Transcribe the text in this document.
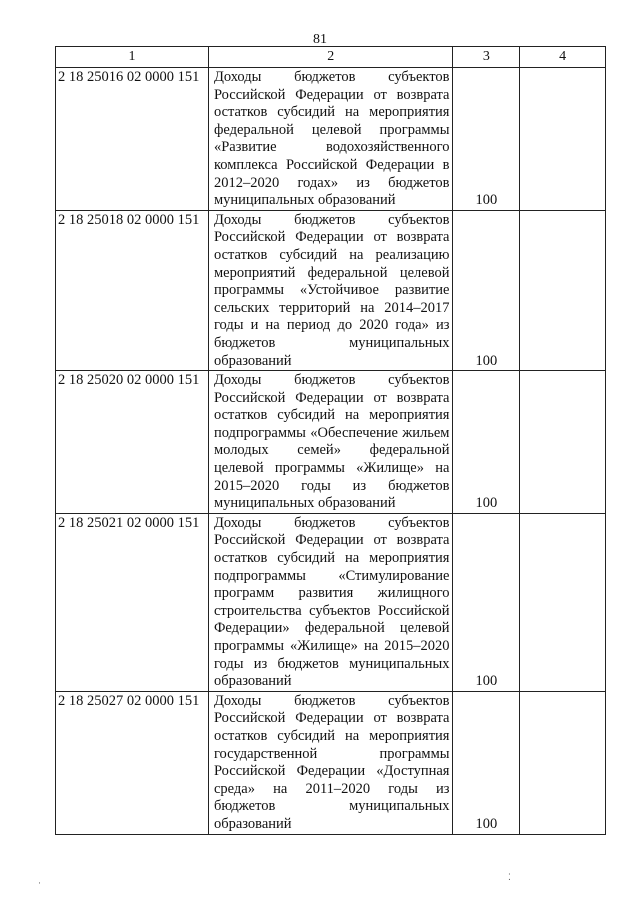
81
1	2	3	4
2 18 25016 02 0000 151	Доходы бюджетов субъектов Российской Федерации от возврата остатков субсидий на мероприятия федеральной целевой программы «Развитие водохозяйственного комплекса Российской Федерации в 2012–2020 годах» из бюджетов муниципальных образований	100	
2 18 25018 02 0000 151	Доходы бюджетов субъектов Российской Федерации от возврата остатков субсидий на реализацию мероприятий федеральной целевой программы «Устойчивое развитие сельских территорий на 2014–2017 годы и на период до 2020 года» из бюджетов муниципальных образований	100	
2 18 25020 02 0000 151	Доходы бюджетов субъектов Российской Федерации от возврата остатков субсидий на мероприятия подпрограммы «Обеспечение жильем молодых семей» федеральной целевой программы «Жилище» на 2015–2020 годы из бюджетов муниципальных образований	100	
2 18 25021 02 0000 151	Доходы бюджетов субъектов Российской Федерации от возврата остатков субсидий на мероприятия подпрограммы «Стимулирование программ развития жилищного строительства субъектов Российской Федерации» федеральной целевой программы «Жилище» на 2015–2020 годы из бюджетов муниципальных образований	100	
2 18 25027 02 0000 151	Доходы бюджетов субъектов Российской Федерации от возврата остатков субсидий на мероприятия государственной программы Российской Федерации «Доступная среда» на 2011–2020 годы из бюджетов муниципальных образований	100	
·
⁚
